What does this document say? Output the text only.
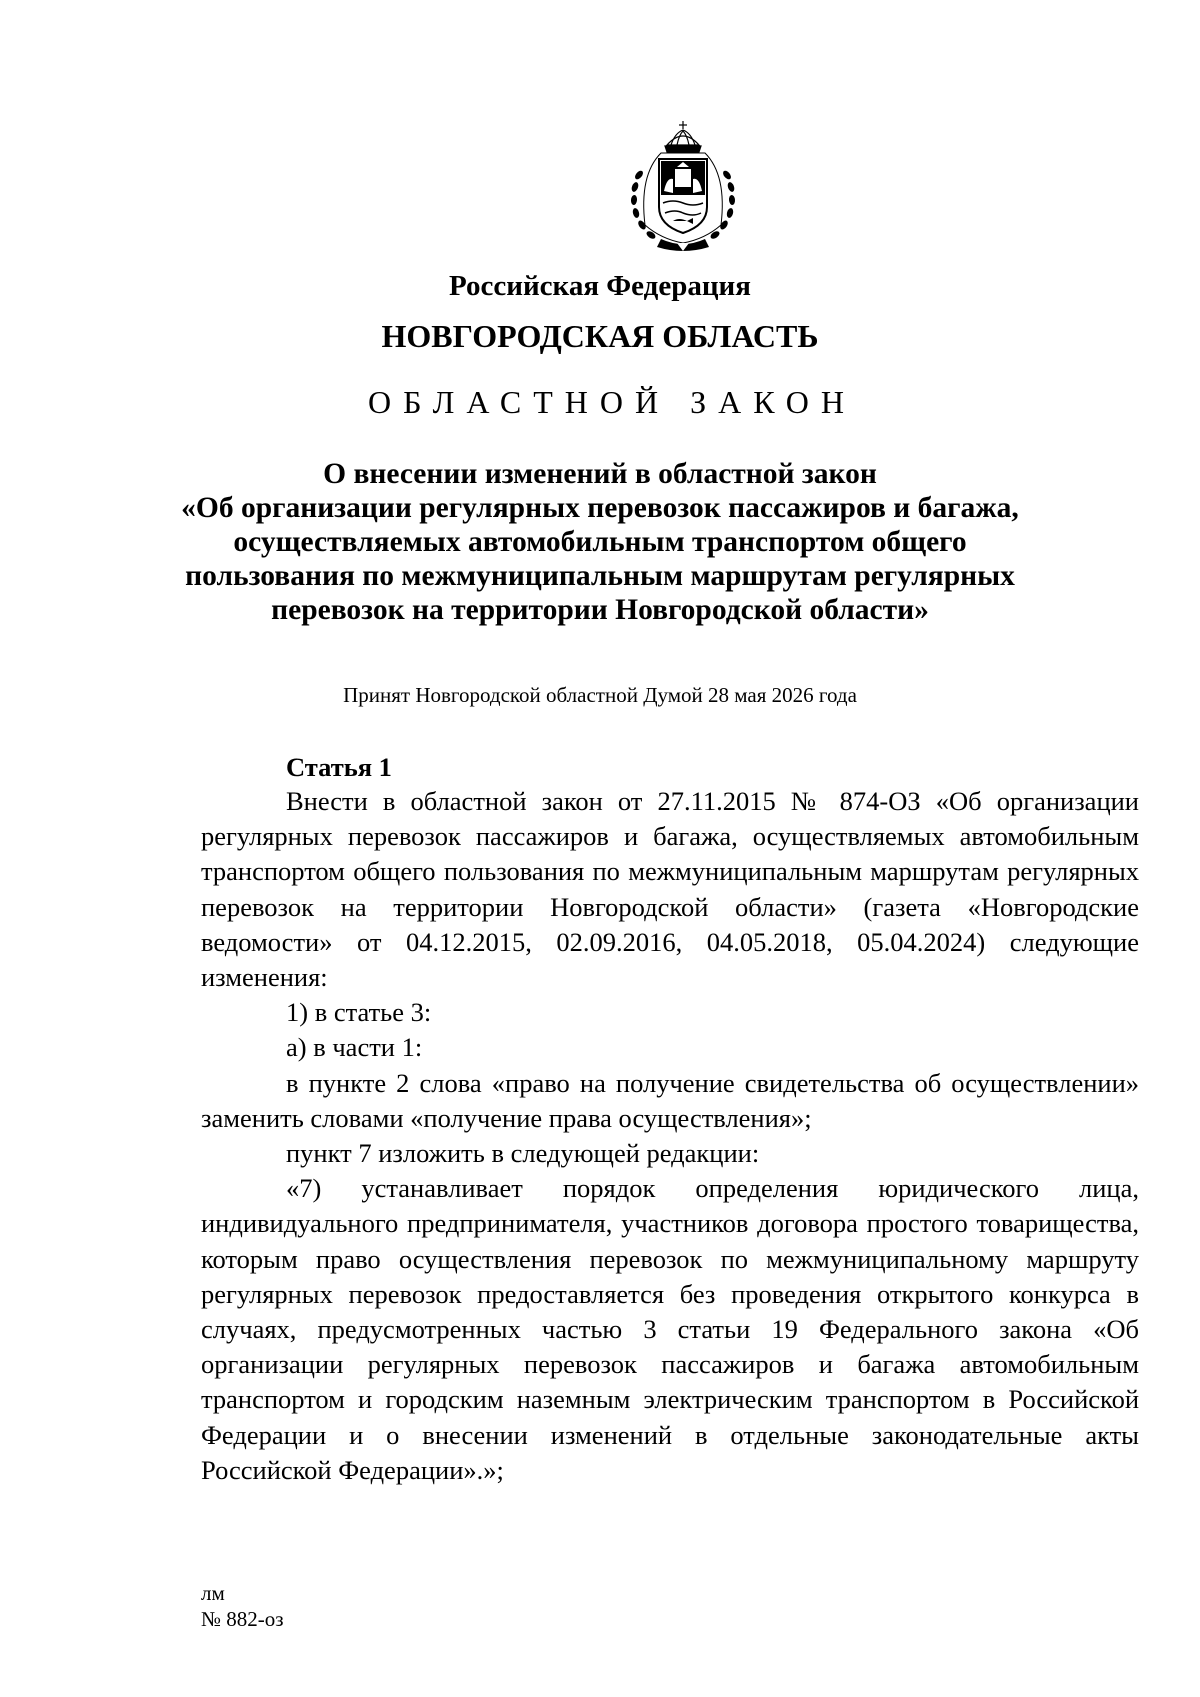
Российская Федерация
НОВГОРОДСКАЯ ОБЛАСТЬ
ОБЛАСТНОЙ ЗАКОН
О внесении изменений в областной закон
«Об организации регулярных перевозок пассажиров и багажа,
осуществляемых автомобильным транспортом общего
пользования по межмуниципальным маршрутам регулярных
перевозок на территории Новгородской области»
Принят Новгородской областной Думой 28 мая 2026 года
Статья 1

Внести в областной закон от 27.11.2015 № 874-ОЗ «Об организации регулярных перевозок пассажиров и багажа, осуществляемых автомобильным транспортом общего пользования по межмуниципальным маршрутам регулярных перевозок на территории Новгородской области» (газета «Новгородские ведомости» от 04.12.2015, 02.09.2016, 04.05.2018, 05.04.2024) следующие изменения:

1) в статье 3:

а) в части 1:

в пункте 2 слова «право на получение свидетельства об осуществлении» заменить словами «получение права осуществления»;

пункт 7 изложить в следующей редакции:

«7) устанавливает порядок определения юридического лица, индивидуального предпринимателя, участников договора простого товарищества, которым право осуществления перевозок по межмуниципальному маршруту регулярных перевозок предоставляется без проведения открытого конкурса в случаях, предусмотренных частью 3 статьи 19 Федерального закона «Об организации регулярных перевозок пассажиров и багажа автомобильным транспортом и городским наземным электрическим транспортом в Российской Федерации и о внесении изменений в отдельные законодательные акты Российской Федерации».»;

лм
№ 882-оз
